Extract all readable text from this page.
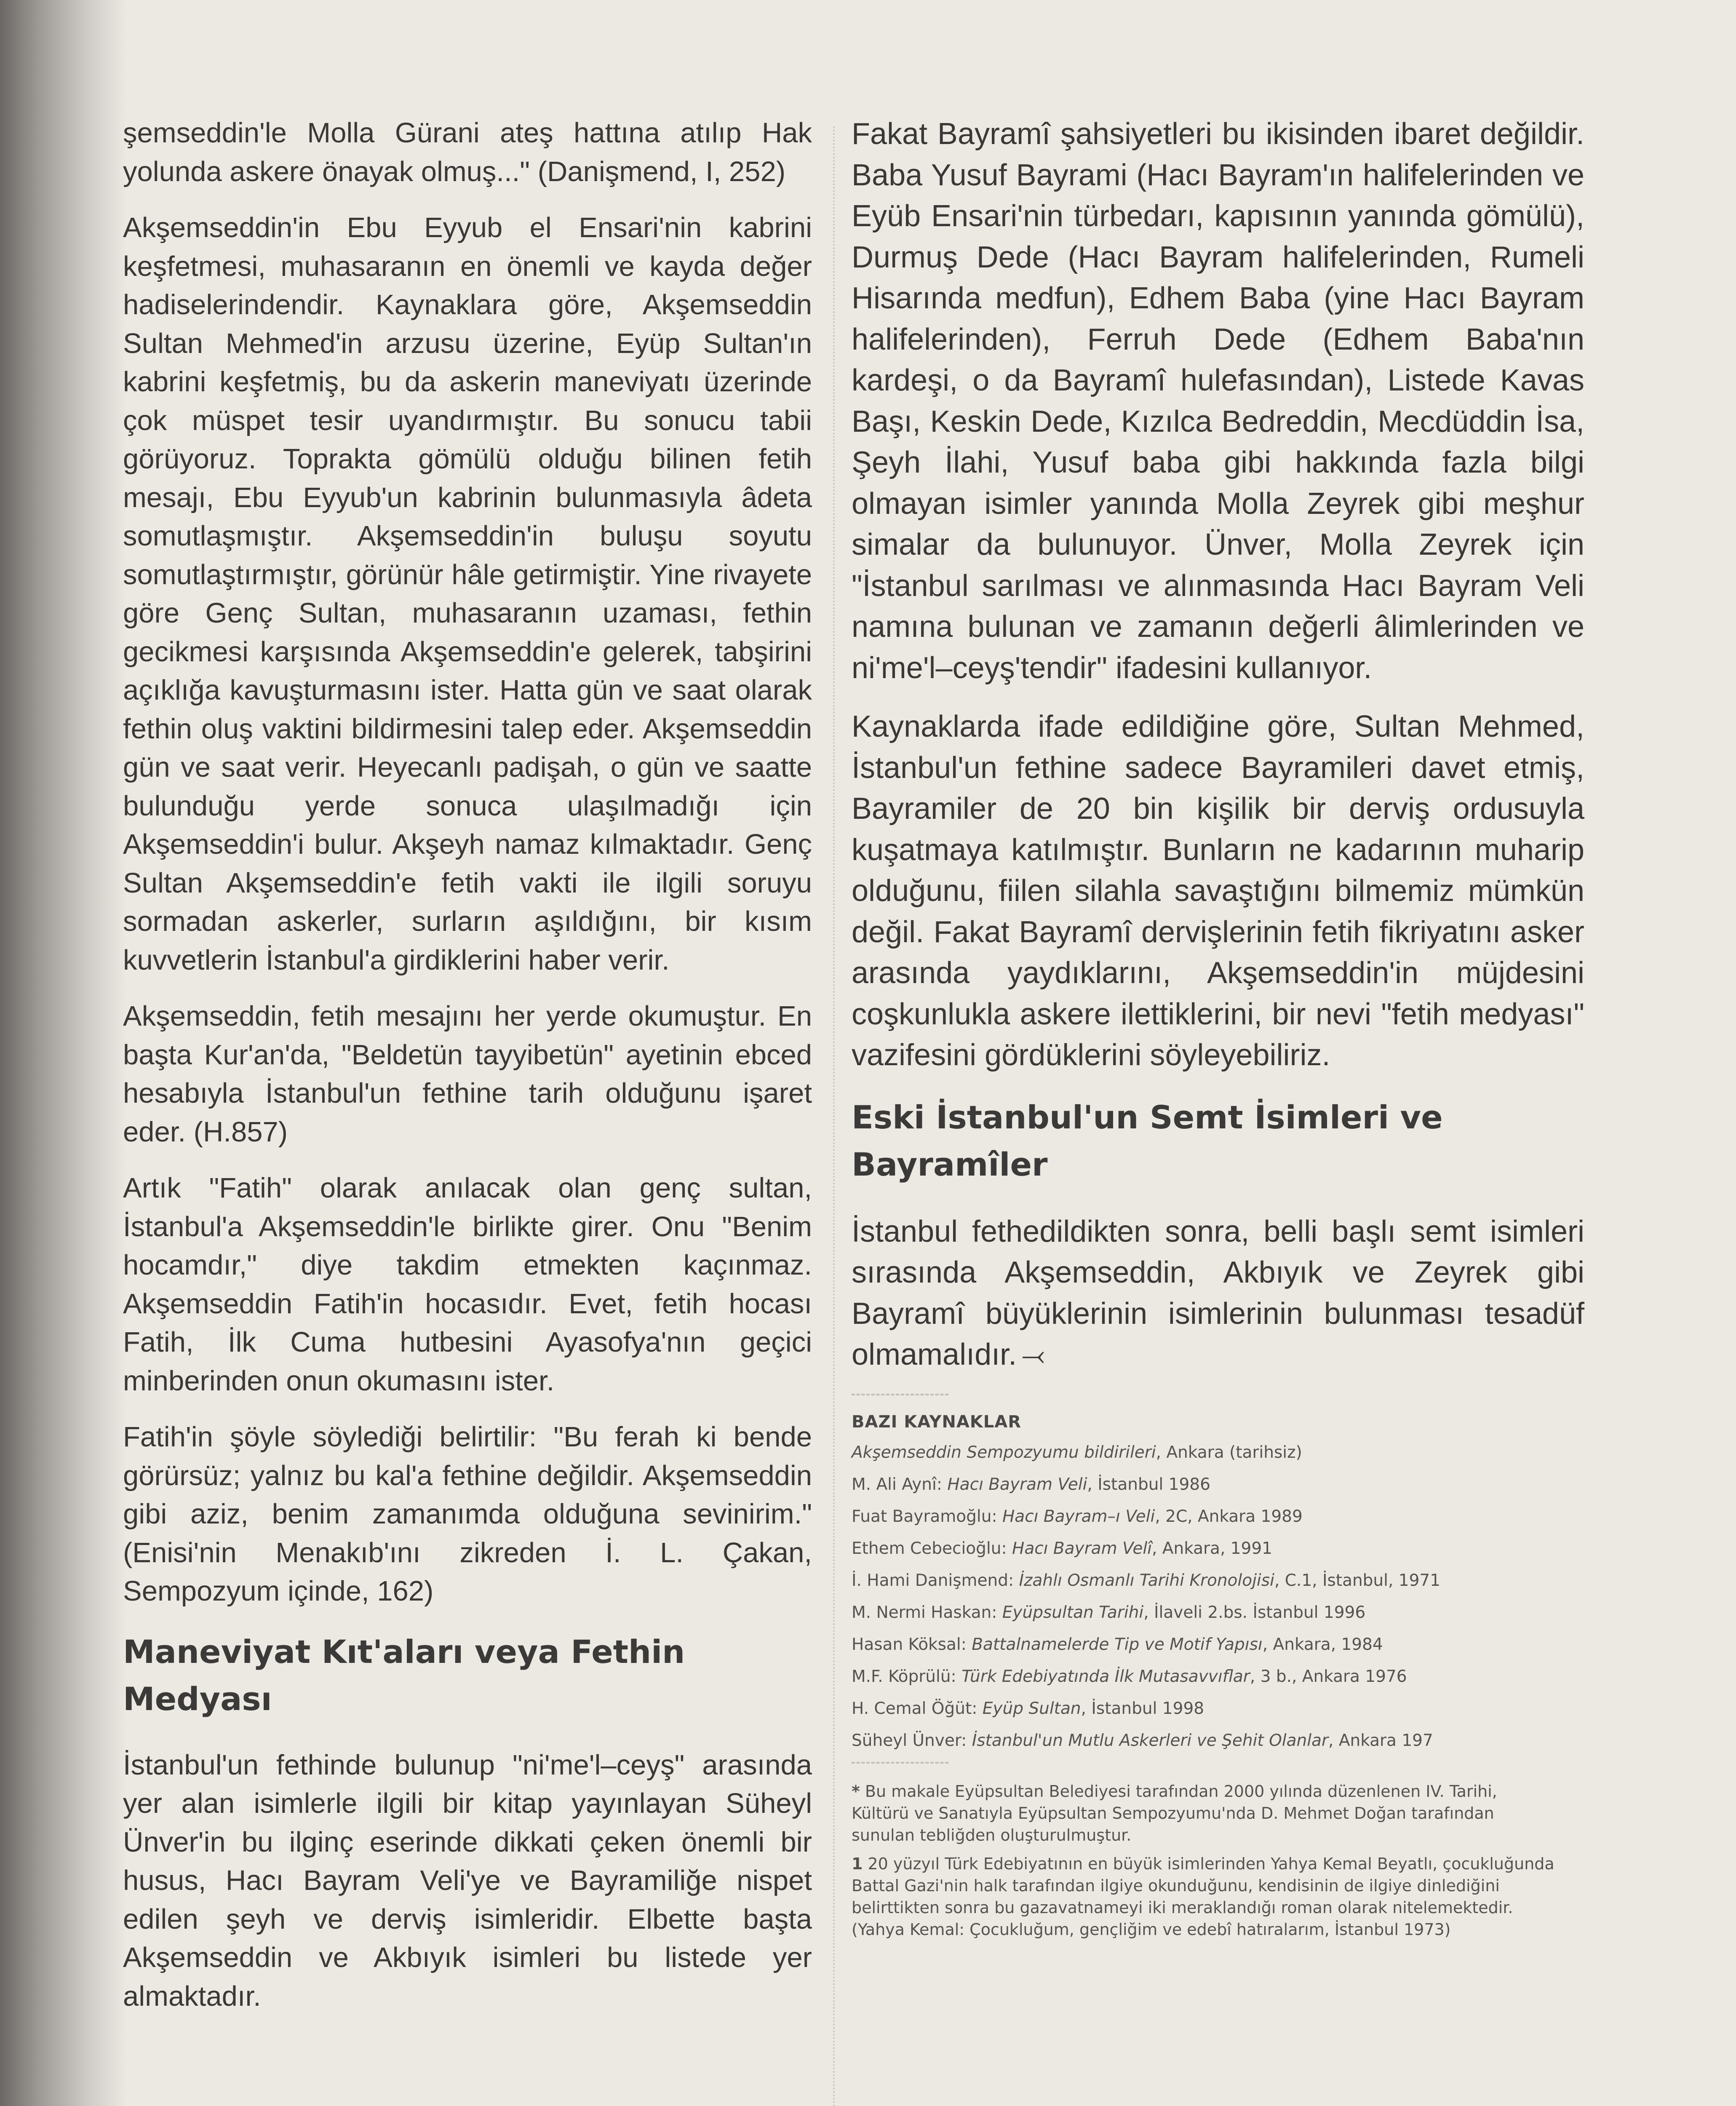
şemseddin'le Molla Gürani ateş hattına atılıp Hak yolunda askere önayak olmuş..." (Danişmend, I, 252)

Akşemseddin'in Ebu Eyyub el Ensari'nin kabrini keşfetmesi, muhasaranın en önemli ve kayda değer hadiselerindendir. Kaynaklara göre, Akşemseddin Sultan Mehmed'in arzusu üzerine, Eyüp Sultan'ın kabrini keşfetmiş, bu da askerin maneviyatı üzerinde çok müspet tesir uyandırmıştır. Bu sonucu tabii görüyoruz. Toprakta gömülü olduğu bilinen fetih mesajı, Ebu Eyyub'un kabrinin bulunmasıyla âdeta somutlaşmıştır. Akşemseddin'in buluşu soyutu somutlaştırmıştır, görünür hâle getirmiştir. Yine rivayete göre Genç Sultan, muhasaranın uzaması, fethin gecikmesi karşısında Akşemseddin'e gelerek, tabşirini açıklığa kavuşturmasını ister. Hatta gün ve saat olarak fethin oluş vaktini bildirmesini talep eder. Akşemseddin gün ve saat verir. Heyecanlı padişah, o gün ve saatte bulunduğu yerde sonuca ulaşılmadığı için Akşemseddin'i bulur. Akşeyh namaz kılmaktadır. Genç Sultan Akşemseddin'e fetih vakti ile ilgili soruyu sormadan askerler, surların aşıldığını, bir kısım kuvvetlerin İstanbul'a girdiklerini haber verir.

Akşemseddin, fetih mesajını her yerde okumuştur. En başta Kur'an'da, "Beldetün tayyibetün" ayetinin ebced hesabıyla İstanbul'un fethine tarih olduğunu işaret eder. (H.857)

Artık "Fatih" olarak anılacak olan genç sultan, İstanbul'a Akşemseddin'le birlikte girer. Onu "Benim hocamdır," diye takdim etmekten kaçınmaz. Akşemseddin Fatih'in hocasıdır. Evet, fetih hocası Fatih, İlk Cuma hutbesini Ayasofya'nın geçici minberinden onun okumasını ister.

Fatih'in şöyle söylediği belirtilir: "Bu ferah ki bende görürsüz; yalnız bu kal'a fethine değildir. Akşemseddin gibi aziz, benim zamanımda olduğuna sevinirim." (Enisi'nin Menakıb'ını zikreden İ. L. Çakan, Sempozyum içinde, 162)

Maneviyat Kıt'aları veya Fethin Medyası

İstanbul'un fethinde bulunup "ni'me'l–ceyş" arasında yer alan isimlerle ilgili bir kitap yayınlayan Süheyl Ünver'in bu ilginç eserinde dikkati çeken önemli bir husus, Hacı Bayram Veli'ye ve Bayramiliğe nispet edilen şeyh ve derviş isimleridir. Elbette başta Akşemseddin ve Akbıyık isimleri bu listede yer almaktadır.

Fakat Bayramî şahsiyetleri bu ikisinden ibaret değildir. Baba Yusuf Bayrami (Hacı Bayram'ın halifelerinden ve Eyüb Ensari'nin türbedarı, kapısının yanında gömülü), Durmuş Dede (Hacı Bayram halifelerinden, Rumeli Hisarında medfun), Edhem Baba (yine Hacı Bayram halifelerinden), Ferruh Dede (Edhem Baba'nın kardeşi, o da Bayramî hulefasından), Listede Kavas Başı, Keskin Dede, Kızılca Bedreddin, Mecdüddin İsa, Şeyh İlahi, Yusuf baba gibi hakkında fazla bilgi olmayan isimler yanında Molla Zeyrek gibi meşhur simalar da bulunuyor. Ünver, Molla Zeyrek için "İstanbul sarılması ve alınmasında Hacı Bayram Veli namına bulunan ve zamanın değerli âlimlerinden ve ni'me'l–ceyş'tendir" ifadesini kullanıyor.

Kaynaklarda ifade edildiğine göre, Sultan Mehmed, İstanbul'un fethine sadece Bayramileri davet etmiş, Bayramiler de 20 bin kişilik bir derviş ordusuyla kuşatmaya katılmıştır. Bunların ne kadarının muharip olduğunu, fiilen silahla savaştığını bilmemiz mümkün değil. Fakat Bayramî dervişlerinin fetih fikriyatını asker arasında yaydıklarını, Akşemseddin'in müjdesini coşkunlukla askere ilettiklerini, bir nevi "fetih medyası" vazifesini gördüklerini söyleyebiliriz.

Eski İstanbul'un Semt İsimleri ve Bayramîler

İstanbul fethedildikten sonra, belli başlı semt isimleri sırasında Akşemseddin, Akbıyık ve Zeyrek gibi Bayramî büyüklerinin isimlerinin bulunması tesadüf olmamalıdır. ⤙

BAZI KAYNAKLAR
Akşemseddin Sempozyumu bildirileri, Ankara (tarihsiz)
M. Ali Aynî: Hacı Bayram Veli, İstanbul 1986
Fuat Bayramoğlu: Hacı Bayram–ı Veli, 2C, Ankara 1989
Ethem Cebecioğlu: Hacı Bayram Velî, Ankara, 1991
İ. Hami Danişmend: İzahlı Osmanlı Tarihi Kronolojisi, C.1, İstanbul, 1971
M. Nermi Haskan: Eyüpsultan Tarihi, İlaveli 2.bs. İstanbul 1996
Hasan Köksal: Battalnamelerde Tip ve Motif Yapısı, Ankara, 1984
M.F. Köprülü: Türk Edebiyatında İlk Mutasavvıflar, 3 b., Ankara 1976
H. Cemal Öğüt: Eyüp Sultan, İstanbul 1998
Süheyl Ünver: İstanbul'un Mutlu Askerleri ve Şehit Olanlar, Ankara 197
* Bu makale Eyüpsultan Belediyesi tarafından 2000 yılında düzenlenen IV. Tarihi, Kültürü ve Sanatıyla Eyüpsultan Sempozyumu'nda D. Mehmet Doğan tarafından sunulan tebliğden oluşturulmuştur.
1 20 yüzyıl Türk Edebiyatının en büyük isimlerinden Yahya Kemal Beyatlı, çocukluğunda Battal Gazi'nin halk tarafından ilgiye okunduğunu, kendisinin de ilgiye dinlediğini belirttikten sonra bu gazavatnameyi iki meraklandığı roman olarak nitelemektedir. (Yahya Kemal: Çocukluğum, gençliğim ve edebî hatıralarım, İstanbul 1973)
